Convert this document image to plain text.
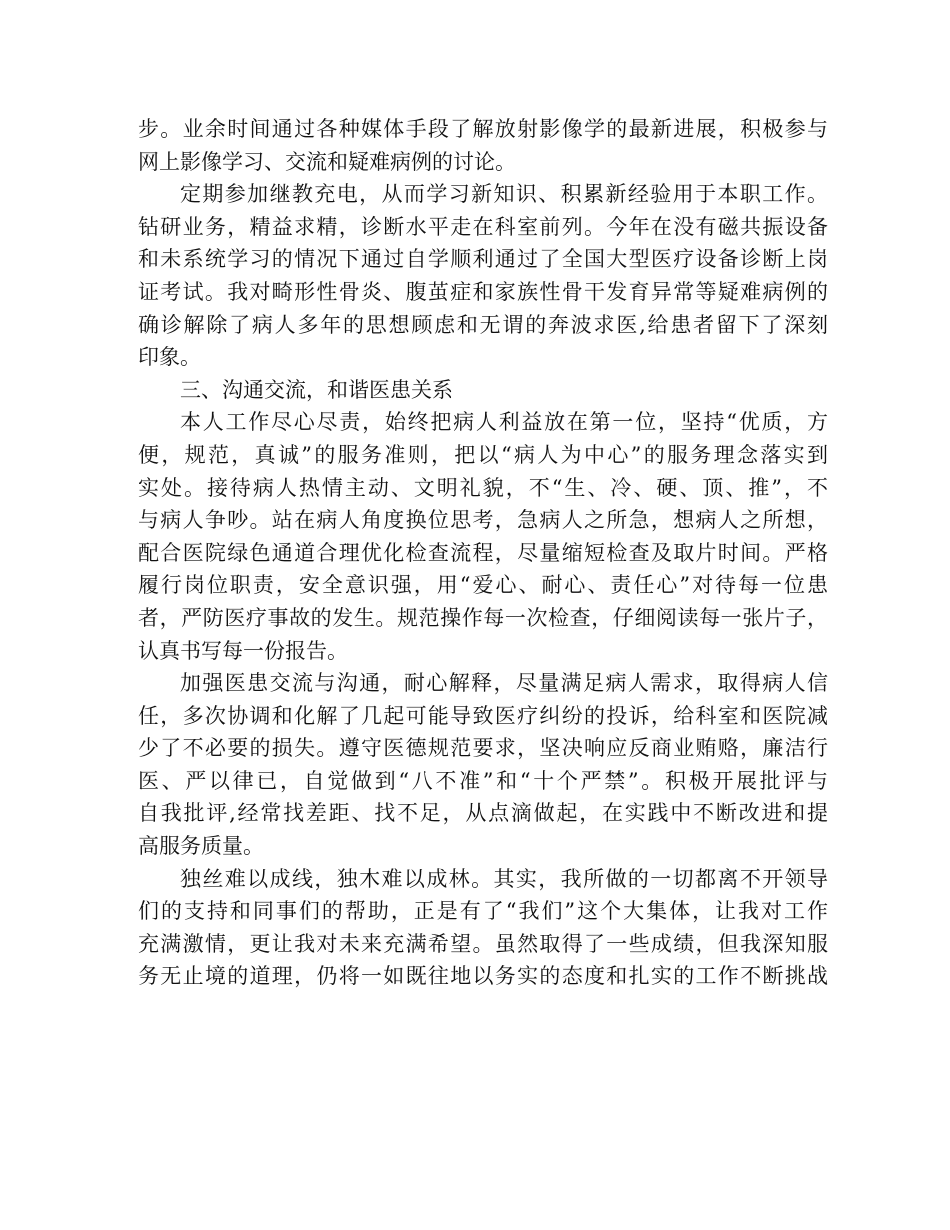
步。业余时间通过各种媒体手段了解放射影像学的最新进展，积极参与
网上影像学习、交流和疑难病例的讨论。
定期参加继教充电，从而学习新知识、积累新经验用于本职工作。
钻研业务，精益求精，诊断水平走在科室前列。今年在没有磁共振设备
和未系统学习的情况下通过自学顺利通过了全国大型医疗设备诊断上岗
证考试。我对畸形性骨炎、腹茧症和家族性骨干发育异常等疑难病例的
确诊解除了病人多年的思想顾虑和无谓的奔波求医,给患者留下了深刻
印象。
三、沟通交流，和谐医患关系
本人工作尽心尽责，始终把病人利益放在第一位，坚持“优质，方
便，规范，真诚”的服务准则，把以“病人为中心”的服务理念落实到
实处。接待病人热情主动、文明礼貌，不“生、冷、硬、顶、推”，不
与病人争吵。站在病人角度换位思考，急病人之所急，想病人之所想，
配合医院绿色通道合理优化检查流程，尽量缩短检查及取片时间。严格
履行岗位职责，安全意识强，用“爱心、耐心、责任心”对待每一位患
者，严防医疗事故的发生。规范操作每一次检查，仔细阅读每一张片子，
认真书写每一份报告。
加强医患交流与沟通，耐心解释，尽量满足病人需求，取得病人信
任，多次协调和化解了几起可能导致医疗纠纷的投诉，给科室和医院减
少了不必要的损失。遵守医德规范要求，坚决响应反商业贿赂，廉洁行
医、严以律已，自觉做到“八不准”和“十个严禁”。积极开展批评与
自我批评,经常找差距、找不足，从点滴做起，在实践中不断改进和提
高服务质量。
独丝难以成线，独木难以成林。其实，我所做的一切都离不开领导
们的支持和同事们的帮助，正是有了“我们”这个大集体，让我对工作
充满激情，更让我对未来充满希望。虽然取得了一些成绩，但我深知服
务无止境的道理，仍将一如既往地以务实的态度和扎实的工作不断挑战
